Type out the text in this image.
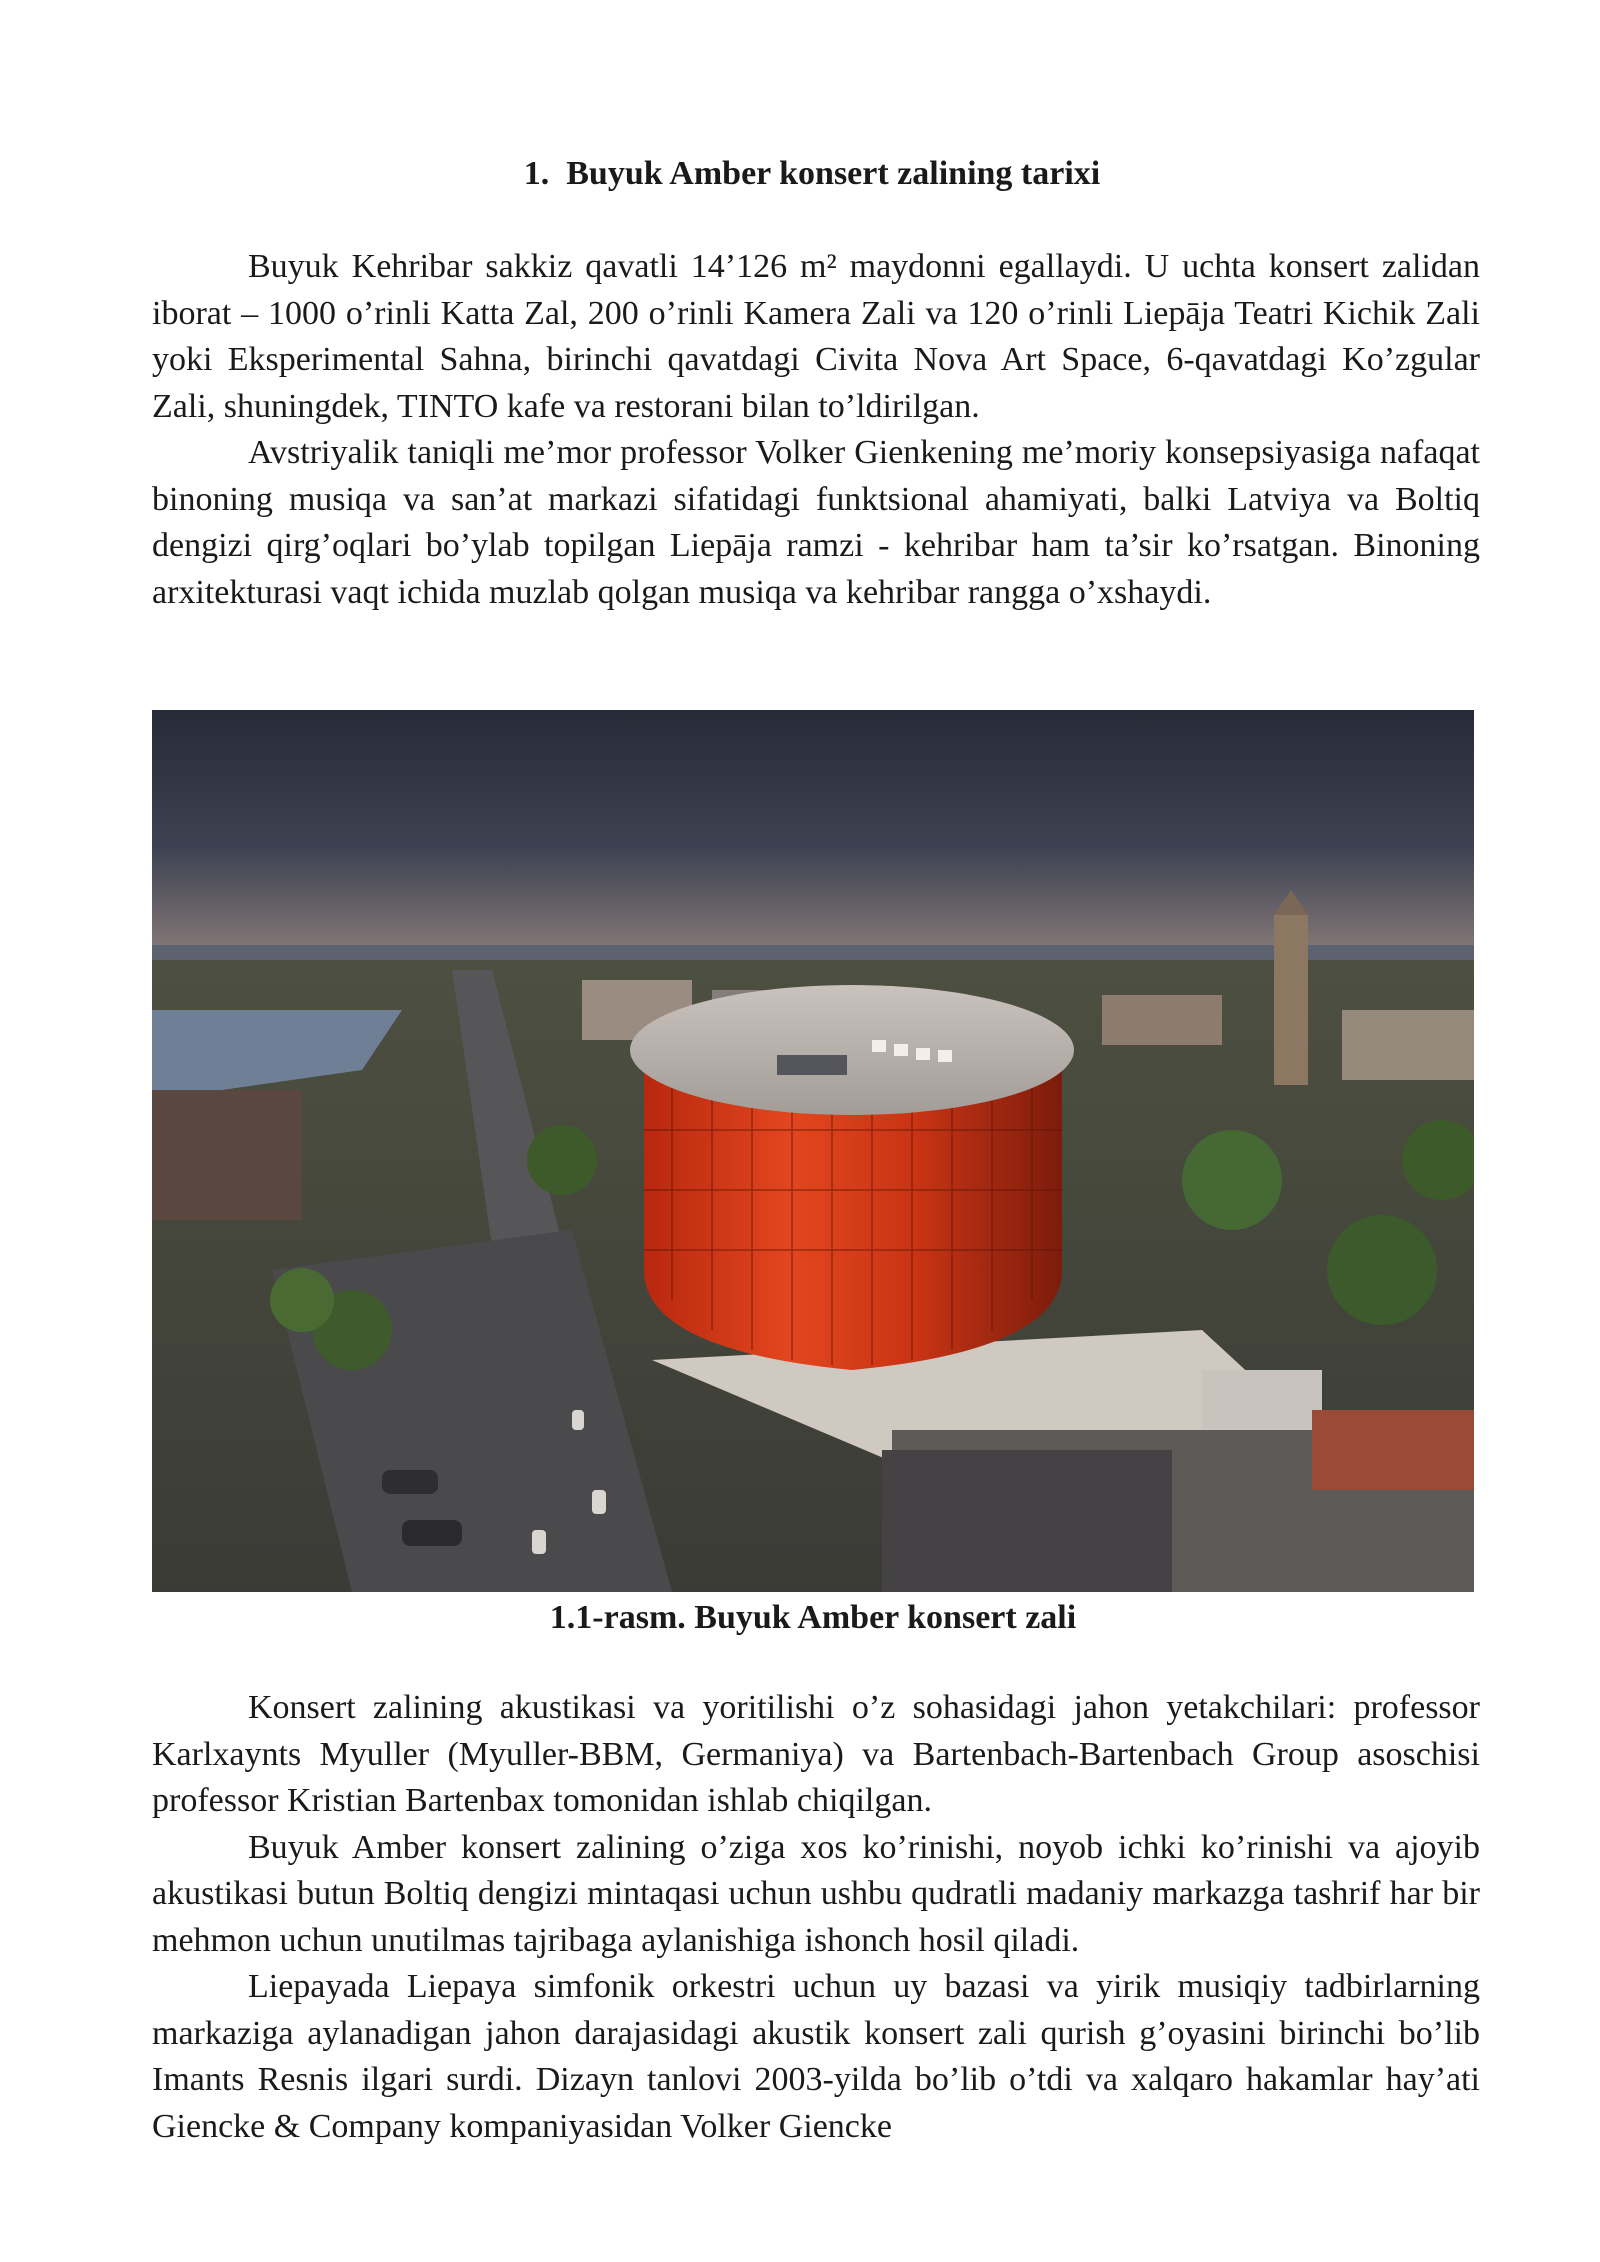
1. Buyuk Amber konsert zalining tarixi

Buyuk Kehribar sakkiz qavatli 14’126 m² maydonni egallaydi. U uchta konsert zalidan iborat – 1000 o’rinli Katta Zal, 200 o’rinli Kamera Zali va 120 o’rinli Liepāja Teatri Kichik Zali yoki Eksperimental Sahna, birinchi qavatdagi Civita Nova Art Space, 6-qavatdagi Ko’zgular Zali, shuningdek, TINTO kafe va restorani bilan to’ldirilgan.

Avstriyalik taniqli me’mor professor Volker Gienkening me’moriy konsepsiyasiga nafaqat binoning musiqa va san’at markazi sifatidagi funktsional ahamiyati, balki Latviya va Boltiq dengizi qirg’oqlari bo’ylab topilgan Liepāja ramzi - kehribar ham ta’sir ko’rsatgan. Binoning arxitekturasi vaqt ichida muzlab qolgan musiqa va kehribar rangga o’xshaydi.

1.1-rasm. Buyuk Amber konsert zali

Konsert zalining akustikasi va yoritilishi o’z sohasidagi jahon yetakchilari: professor Karlxaynts Myuller (Myuller-BBM, Germaniya) va Bartenbach-Bartenbach Group asoschisi professor Kristian Bartenbax tomonidan ishlab chiqilgan.

Buyuk Amber konsert zalining o’ziga xos ko’rinishi, noyob ichki ko’rinishi va ajoyib akustikasi butun Boltiq dengizi mintaqasi uchun ushbu qudratli madaniy markazga tashrif har bir mehmon uchun unutilmas tajribaga aylanishiga ishonch hosil qiladi.

Liepayada Liepaya simfonik orkestri uchun uy bazasi va yirik musiqiy tadbirlarning markaziga aylanadigan jahon darajasidagi akustik konsert zali qurish g’oyasini birinchi bo’lib Imants Resnis ilgari surdi. Dizayn tanlovi 2003-yilda bo’lib o’tdi va xalqaro hakamlar hay’ati Giencke & Company kompaniyasidan Volker Giencke
